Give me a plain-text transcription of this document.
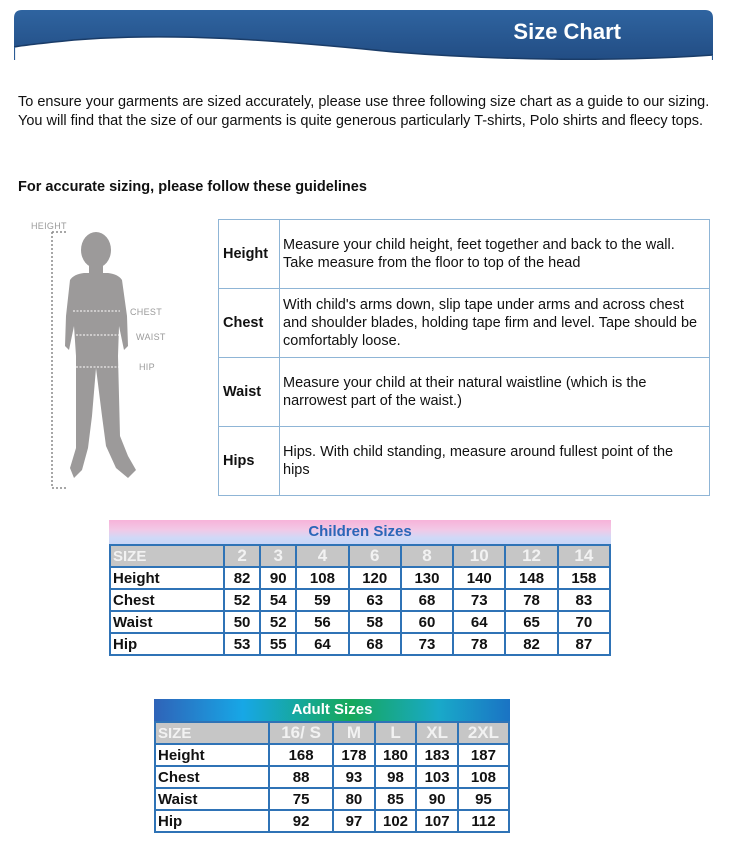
Size Chart
To ensure your garments are sized accurately, please use three following size chart as a guide to our sizing. You will find that the size of our garments is quite generous particularly T-shirts, Polo shirts and fleecy tops.
For accurate sizing, please follow these guidelines
HEIGHT
CHEST
WAIST
HIP
Height	Measure your child height, feet together and back to the wall. Take measure from the floor to top of the head
Chest	With child's arms down, slip tape under arms and across chest and shoulder blades, holding tape firm and level. Tape should be comfortably loose.
Waist	Measure your child at their natural waistline (which is the narrowest part of the waist.)
Hips	Hips. With child standing, measure around fullest point of the hips
Children Sizes
SIZE	2	3	4	6	8	10	12	14
Height	82	90	108	120	130	140	148	158
Chest	52	54	59	63	68	73	78	83
Waist	50	52	56	58	60	64	65	70
Hip	53	55	64	68	73	78	82	87
Adult Sizes
SIZE	16/ S	M	L	XL	2XL
Height	168	178	180	183	187
Chest	88	93	98	103	108
Waist	75	80	85	90	95
Hip	92	97	102	107	112
